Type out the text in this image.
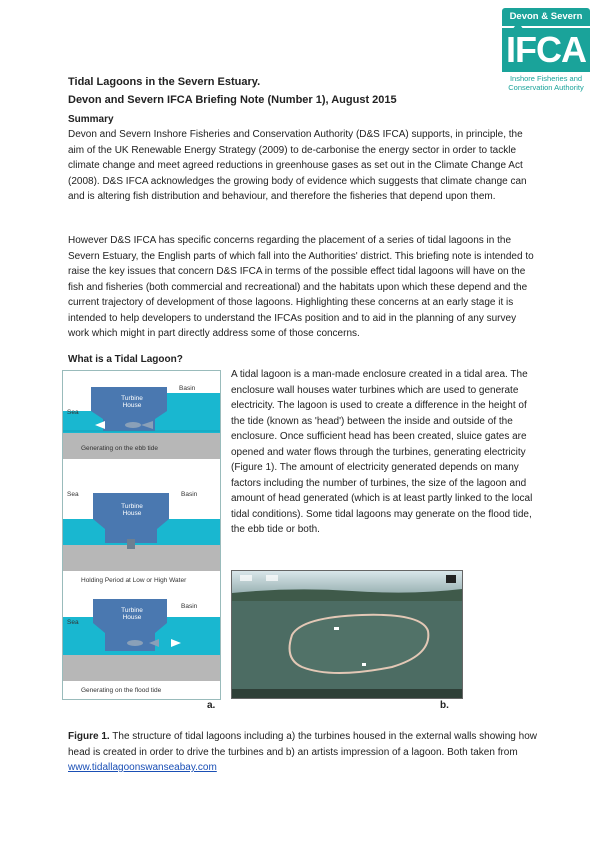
Devon & Severn
IFCA
Inshore Fisheries and
Conservation Authority
Tidal Lagoons in the Severn Estuary.
Devon and Severn IFCA Briefing Note (Number 1), August 2015
Summary

Devon and Severn Inshore Fisheries and Conservation Authority (D&S IFCA) supports, in principle, the aim of the UK Renewable Energy Strategy (2009) to de-carbonise the energy sector in order to tackle climate change and meet agreed reductions in greenhouse gases as set out in the Climate Change Act (2008). D&S IFCA acknowledges the growing body of evidence which suggests that climate change can and is altering fish distribution and behaviour, and therefore the fisheries that depend upon them.

However D&S IFCA has specific concerns regarding the placement of a series of tidal lagoons in the Severn Estuary, the English parts of which fall into the Authorities' district. This briefing note is intended to raise the key issues that concern D&S IFCA in terms of the possible effect tidal lagoons will have on the fish and fisheries (both commercial and recreational) and the habitats upon which these depend and the current trajectory of development of those lagoons. Highlighting these concerns at an early stage it is intended to help developers to understand the IFCAs position and to aid in the planning of any survey work which might in part directly address some of those concerns.

What is a Tidal Lagoon?
Sea
Basin
Turbine
House
Generating on the ebb tide
Sea	Basin
Turbine
House
Holding Period at Low or High Water
Sea
Basin
Turbine
House
Generating on the flood tide
a.

A tidal lagoon is a man-made enclosure created in a tidal area. The enclosure wall houses water turbines which are used to generate electricity. The lagoon is used to create a difference in the height of the tide (known as 'head') between the inside and outside of the enclosure. Once sufficient head has been created, sluice gates are opened and water flows through the turbines, generating electricity (Figure 1). The amount of electricity generated depends on many factors including the number of turbines, the size of the lagoon and amount of head generated (which is at least partly linked to the local tidal conditions). Some tidal lagoons may generate on the flood tide, the ebb tide or both.

b.

Figure 1. The structure of tidal lagoons including a) the turbines housed in the external walls showing how head is created in order to drive the turbines and b) an artists impression of a lagoon. Both taken from www.tidallagoonswanseabay.com
